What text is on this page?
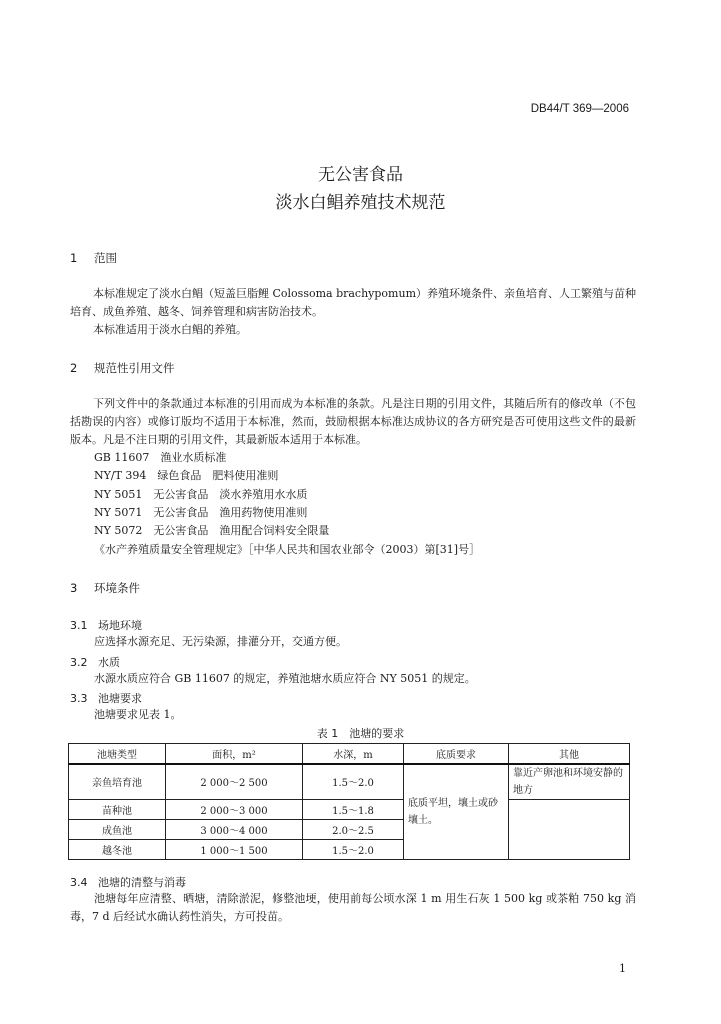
DB44/T 369—2006
无公害食品
淡水白鲳养殖技术规范
1 范围
本标准规定了淡水白鲳（短盖巨脂鲤 Colossoma brachypomum）养殖环境条件、亲鱼培育、人工繁殖与苗种培育、成鱼养殖、越冬、饲养管理和病害防治技术。
本标准适用于淡水白鲳的养殖。
2 规范性引用文件
下列文件中的条款通过本标准的引用而成为本标准的条款。凡是注日期的引用文件，其随后所有的修改单（不包括勘误的内容）或修订版均不适用于本标准，然而，鼓励根据本标准达成协议的各方研究是否可使用这些文件的最新版本。凡是不注日期的引用文件，其最新版本适用于本标准。
GB 11607　渔业水质标准
NY/T 394　绿色食品　肥料使用准则
NY 5051　无公害食品　淡水养殖用水水质
NY 5071　无公害食品　渔用药物使用准则
NY 5072　无公害食品　渔用配合饲料安全限量
《水产养殖质量安全管理规定》［中华人民共和国农业部令（2003）第[31]号］
3 环境条件
3.1 场地环境
应选择水源充足、无污染源，排灌分开，交通方便。
3.2 水质
水源水质应符合 GB 11607 的规定，养殖池塘水质应符合 NY 5051 的规定。
3.3 池塘要求
池塘要求见表 1。
表 1　池塘的要求
池塘类型	面积，m²	水深，m	底质要求	其他
亲鱼培育池	2 000～2 500	1.5～2.0	底质平坦，壤土或砂壤土。	靠近产卵池和环境安静的地方
苗种池	2 000～3 000	1.5～1.8		
成鱼池	3 000～4 000	2.0～2.5		
越冬池	1 000～1 500	1.5～2.0		
3.4 池塘的清整与消毒
池塘每年应清整、晒塘，清除淤泥，修整池埂，使用前每公顷水深 1 m 用生石灰 1 500 kg 或茶粕 750 kg 消毒，7 d 后经试水确认药性消失，方可投苗。
1
